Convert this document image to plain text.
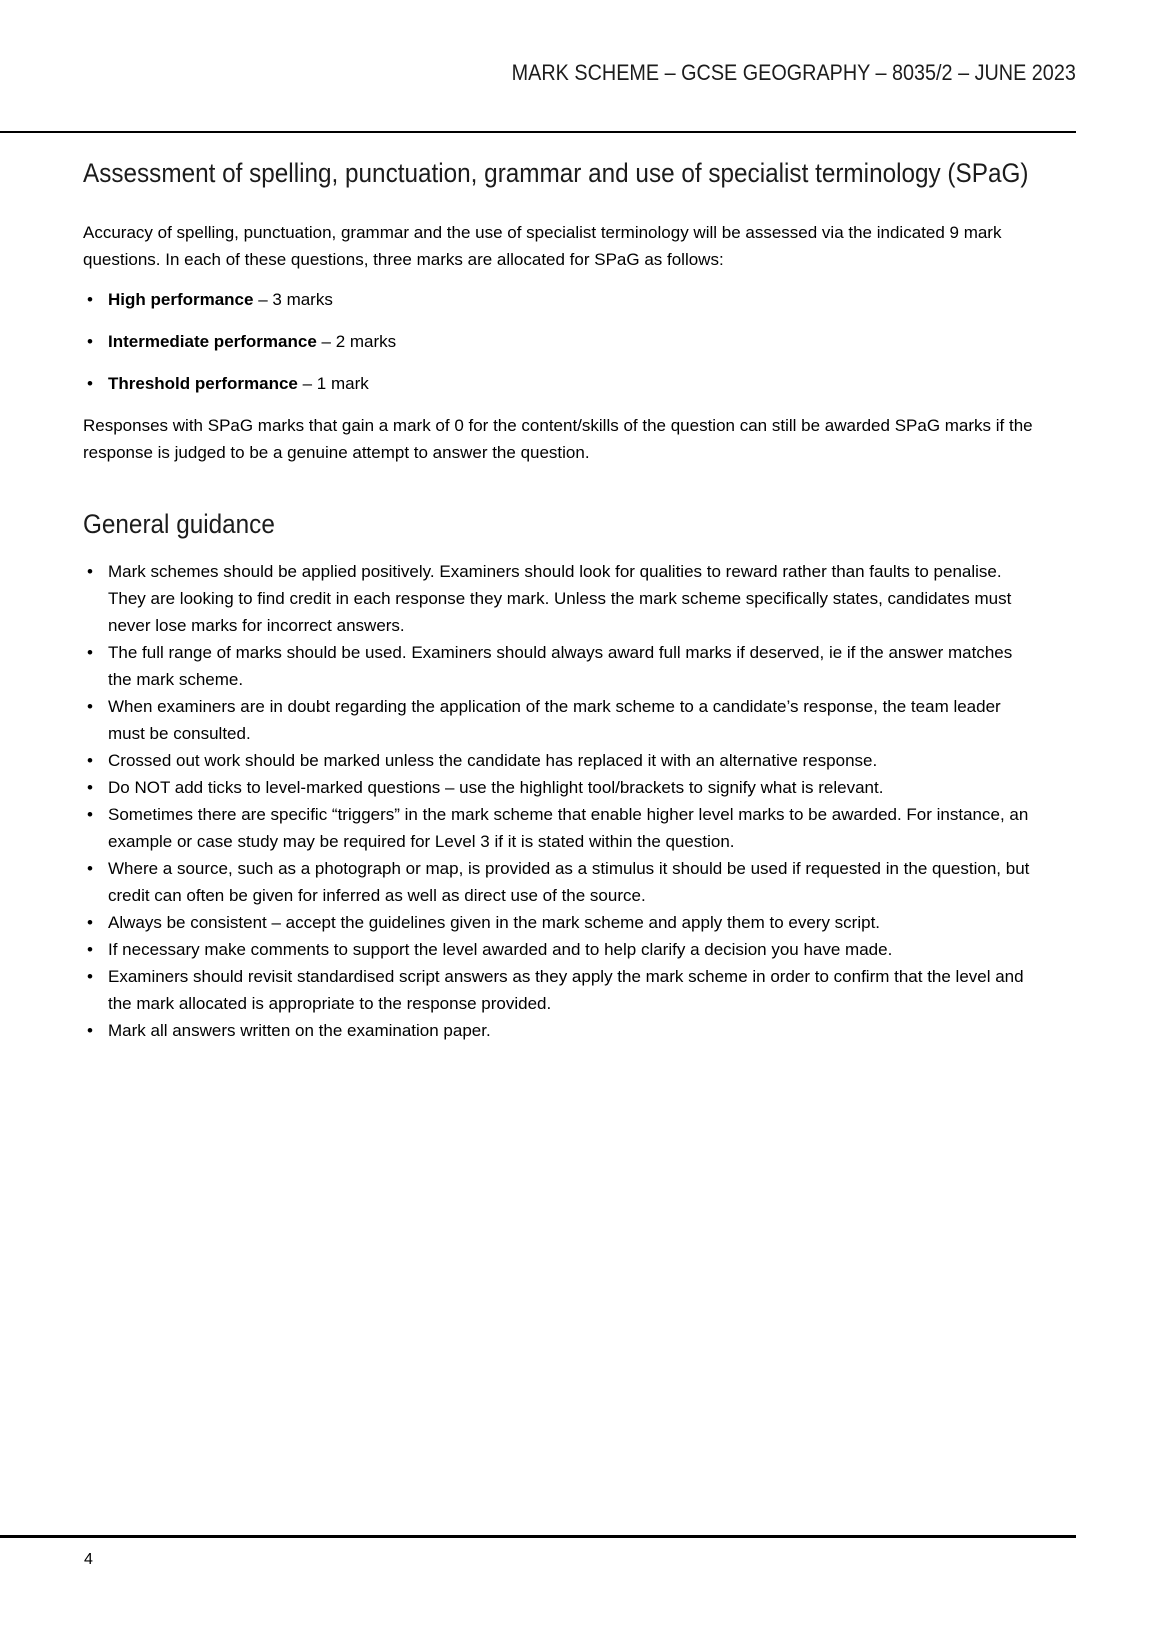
MARK SCHEME – GCSE GEOGRAPHY – 8035/2 – JUNE 2023
Assessment of spelling, punctuation, grammar and use of specialist terminology (SPaG)

Accuracy of spelling, punctuation, grammar and the use of specialist terminology will be assessed via the indicated 9 mark questions. In each of these questions, three marks are allocated for SPaG as follows:

• High performance – 3 marks
• Intermediate performance – 2 marks
• Threshold performance – 1 mark

Responses with SPaG marks that gain a mark of 0 for the content/skills of the question can still be awarded SPaG marks if the response is judged to be a genuine attempt to answer the question.

General guidance
• Mark schemes should be applied positively. Examiners should look for qualities to reward rather than faults to penalise. They are looking to find credit in each response they mark. Unless the mark scheme specifically states, candidates must never lose marks for incorrect answers.
• The full range of marks should be used. Examiners should always award full marks if deserved, ie if the answer matches the mark scheme.
• When examiners are in doubt regarding the application of the mark scheme to a candidate’s response, the team leader must be consulted.
• Crossed out work should be marked unless the candidate has replaced it with an alternative response.
• Do NOT add ticks to level-marked questions – use the highlight tool/brackets to signify what is relevant.
• Sometimes there are specific “triggers” in the mark scheme that enable higher level marks to be awarded. For instance, an example or case study may be required for Level 3 if it is stated within the question.
• Where a source, such as a photograph or map, is provided as a stimulus it should be used if requested in the question, but credit can often be given for inferred as well as direct use of the source.
• Always be consistent – accept the guidelines given in the mark scheme and apply them to every script.
• If necessary make comments to support the level awarded and to help clarify a decision you have made.
• Examiners should revisit standardised script answers as they apply the mark scheme in order to confirm that the level and the mark allocated is appropriate to the response provided.
• Mark all answers written on the examination paper.
4
